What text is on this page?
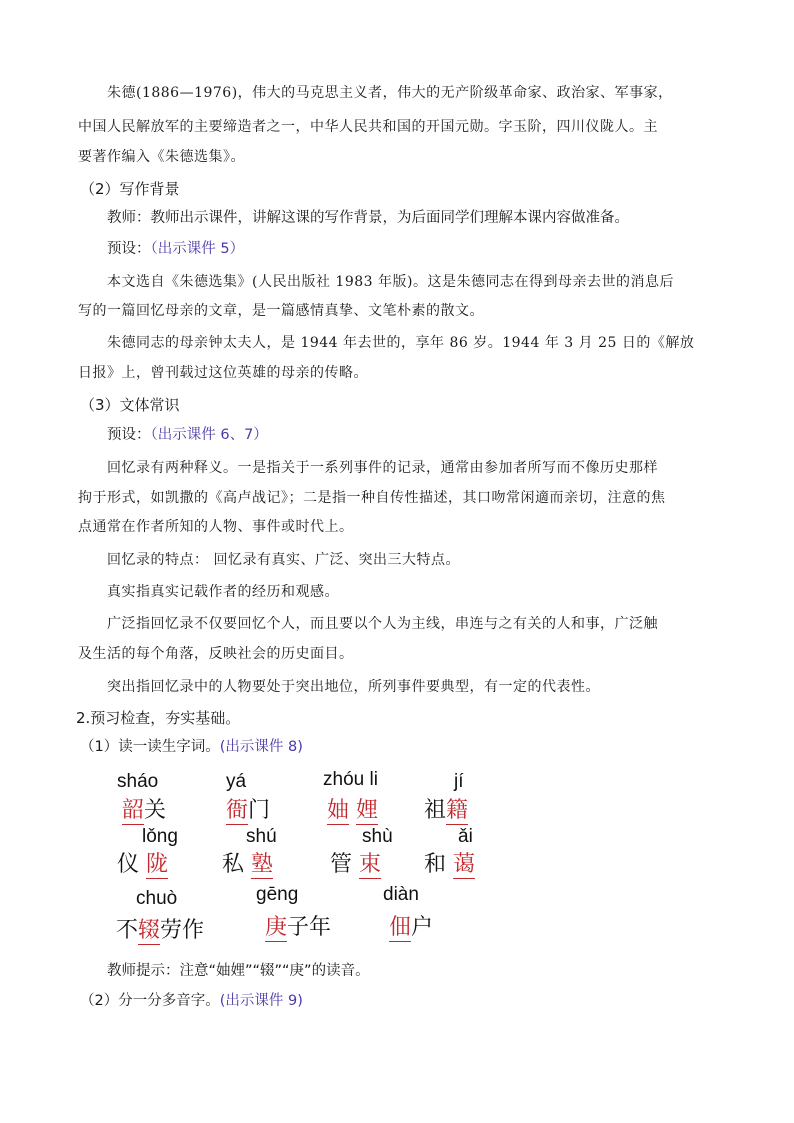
朱德(1886—1976)，伟大的马克思主义者，伟大的无产阶级革命家、政治家、军事家，

中国人民解放军的主要缔造者之一，中华人民共和国的开国元勋。字玉阶，四川仪陇人。主

要著作编入《朱德选集》。

（2）写作背景

教师：教师出示课件，讲解这课的写作背景，为后面同学们理解本课内容做准备。

预设：（出示课件 5）

本文选自《朱德选集》(人民出版社 1983 年版)。这是朱德同志在得到母亲去世的消息后

写的一篇回忆母亲的文章，是一篇感情真挚、文笔朴素的散文。

朱德同志的母亲钟太夫人，是 1944 年去世的，享年 86 岁。1944 年 3 月 25 日的《解放

日报》上，曾刊载过这位英雄的母亲的传略。

（3）文体常识

预设：（出示课件 6、7）

回忆录有两种释义。一是指关于一系列事件的记录，通常由参加者所写而不像历史那样

拘于形式，如凯撒的《高卢战记》；二是指一种自传性描述，其口吻常闲適而亲切，注意的焦

点通常在作者所知的人物、事件或时代上。

回忆录的特点： 回忆录有真实、广泛、突出三大特点。

真实指真实记载作者的经历和观感。

广泛指回忆录不仅要回忆个人，而且要以个人为主线，串连与之有关的人和事，广泛触

及生活的每个角落，反映社会的历史面目。

突出指回忆录中的人物要处于突出地位，所列事件要典型，有一定的代表性。

2.预习检查，夯实基础。

（1）读一读生字词。(出示课件 8)

sháo
韶关
yá
衙门
zhóu li
妯 娌
jí
祖籍
lǒng
仪 陇
shú
私 塾
shù
管 束
ǎi
和 蔼
chuò
不辍劳作
gēng
庚子年
diàn
佃户

教师提示：注意“妯娌”“辍”“庚”的读音。

（2）分一分多音字。(出示课件 9)
